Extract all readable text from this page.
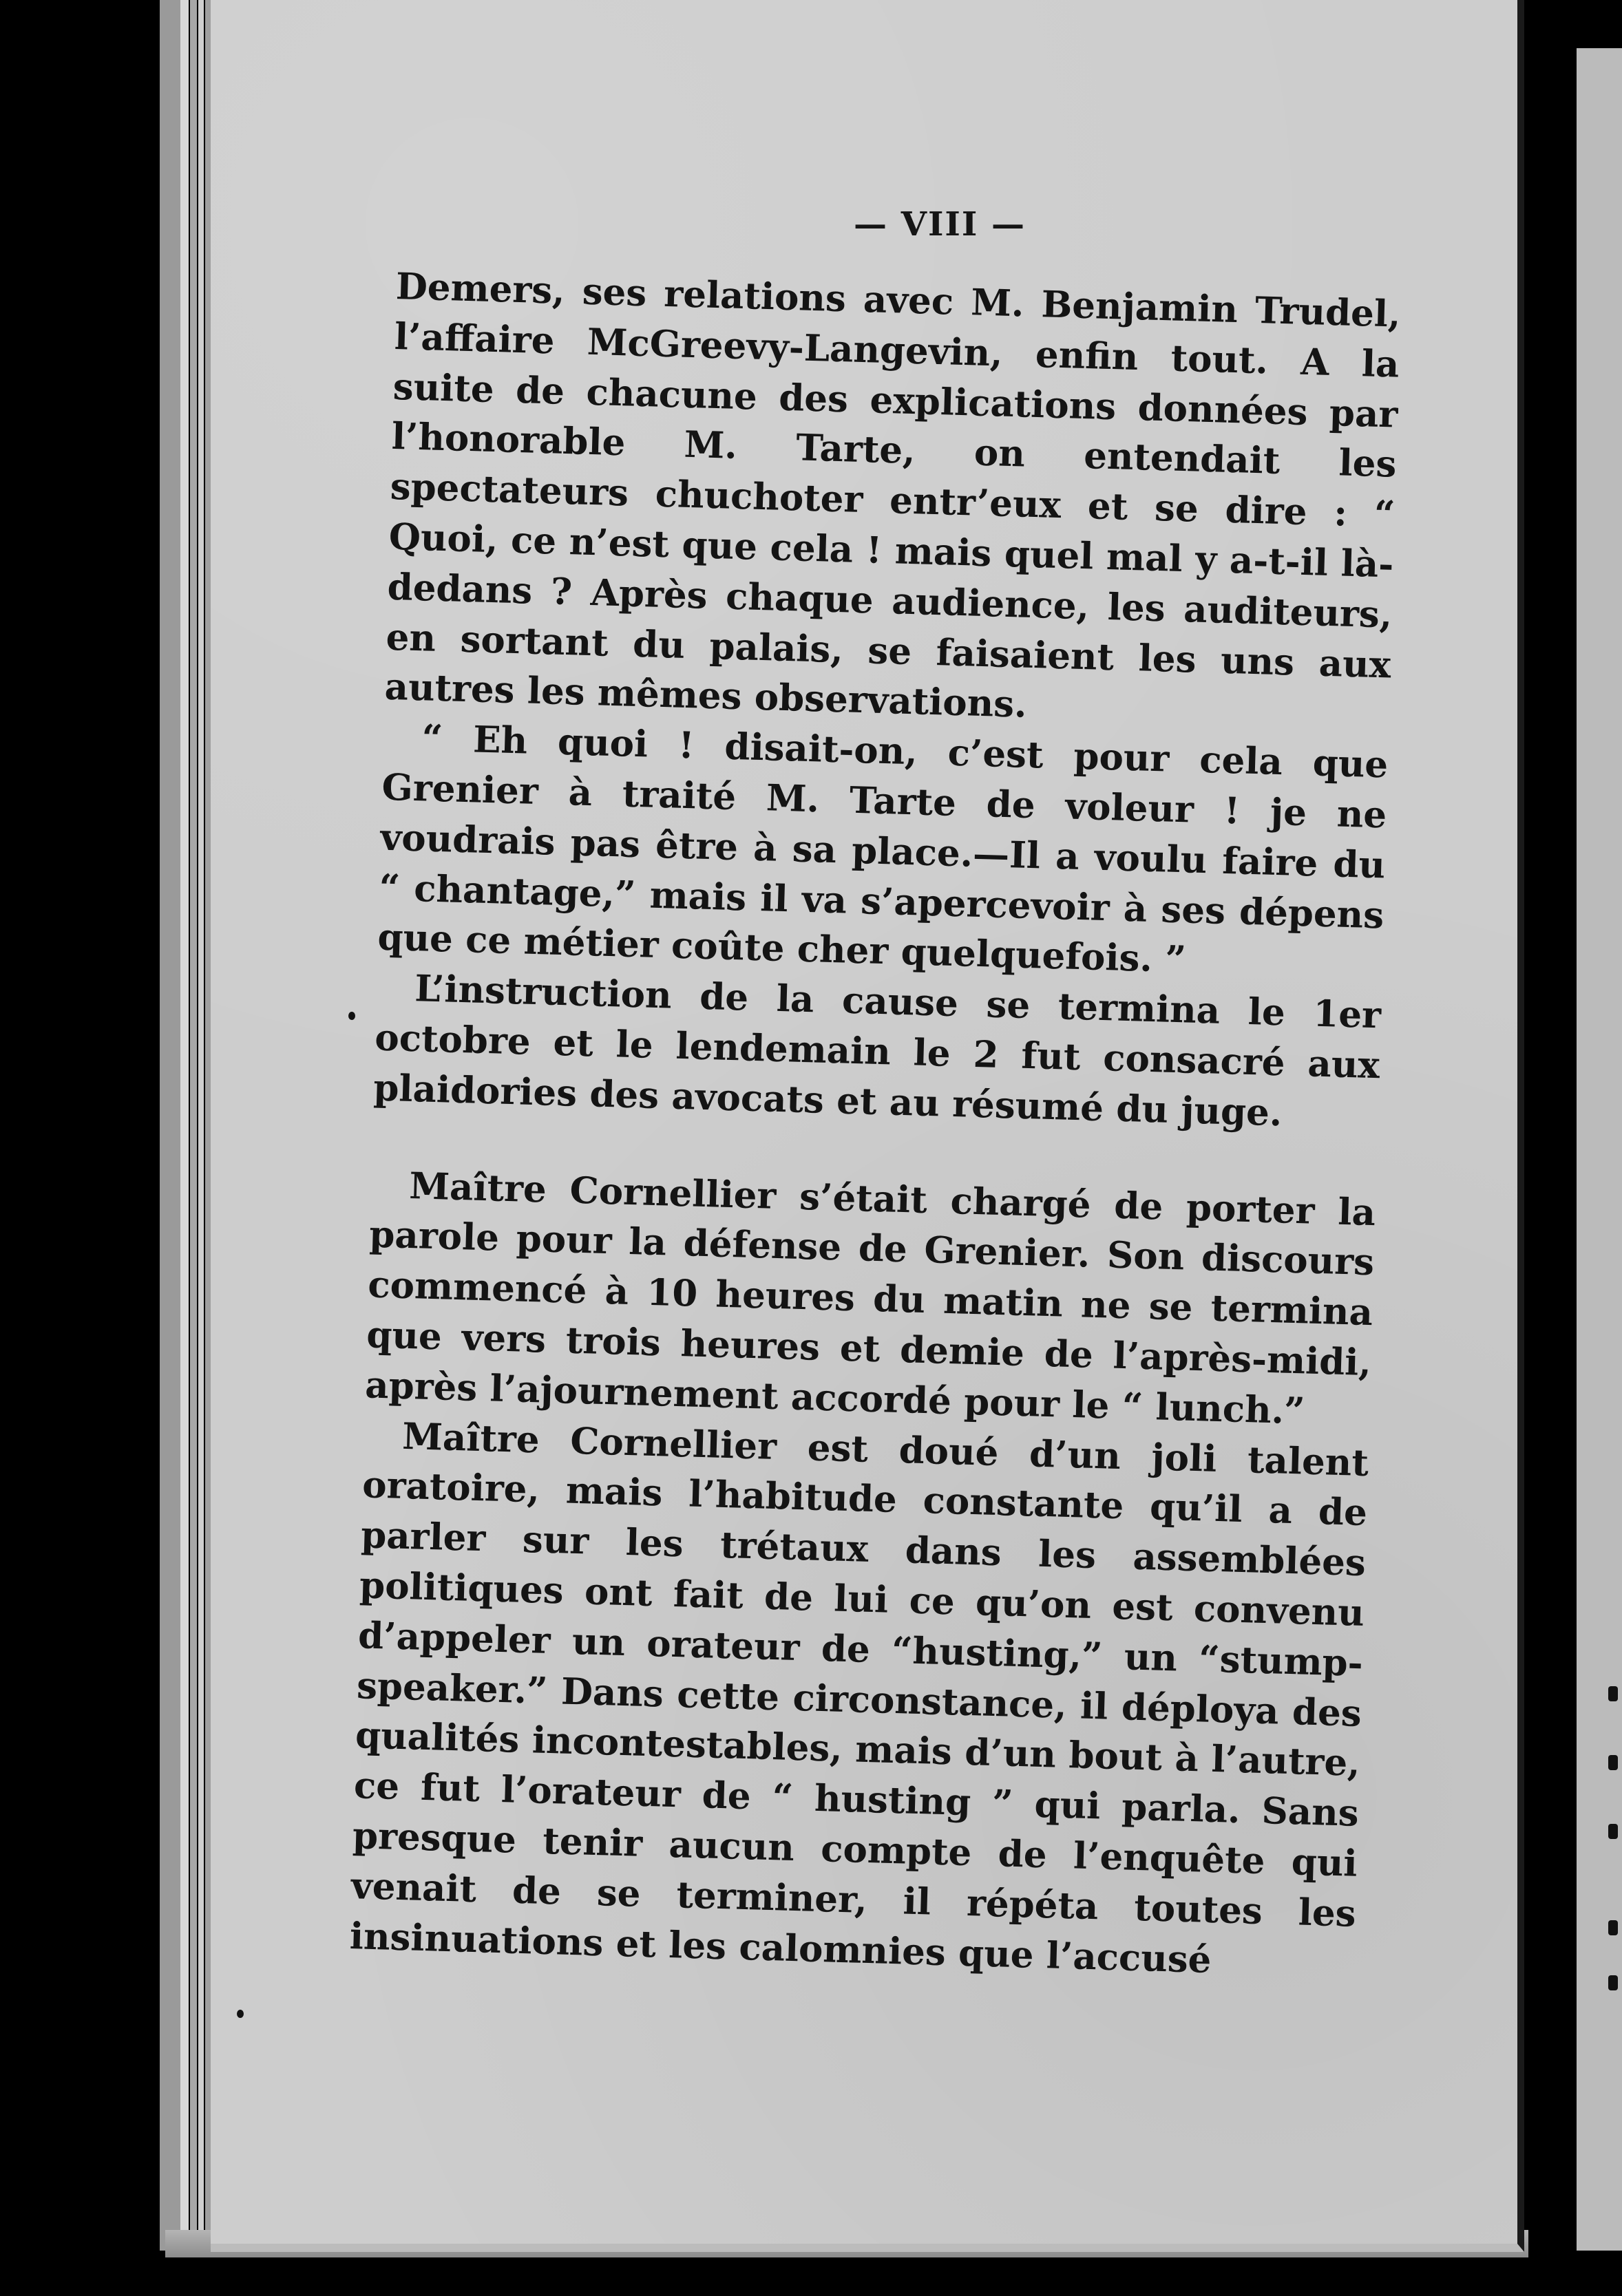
— VIII —

Demers, ses relations avec M. Benjamin Trudel, l’affaire McGreevy-Langevin, enfin tout. A la suite de chacune des explications données par l’honorable M. Tarte, on entendait les spectateurs chuchoter entr’eux et se dire : “ Quoi, ce n’est que cela ! mais quel mal y a-t-il là-dedans ? Après chaque audience, les auditeurs, en sortant du palais, se faisaient les uns aux autres les mêmes observations.

“ Eh quoi ! disait-on, c’est pour cela que Grenier à traité M. Tarte de voleur ! je ne voudrais pas être à sa place.—Il a voulu faire du “ chantage,” mais il va s’apercevoir à ses dépens que ce métier coûte cher quelquefois. ”

L’instruction de la cause se termina le 1er octobre et le lendemain le 2 fut consacré aux plaidories des avocats et au résumé du juge.

Maître Cornellier s’était chargé de porter la parole pour la défense de Grenier. Son discours commencé à 10 heures du matin ne se termina que vers trois heures et demie de l’après-midi, après l’ajournement accordé pour le “ lunch.”

Maître Cornellier est doué d’un joli talent oratoire, mais l’habitude constante qu’il a de parler sur les trétaux dans les assemblées politiques ont fait de lui ce qu’on est convenu d’appeler un orateur de “husting,” un “stump-speaker.” Dans cette circonstance, il déploya des qualités incontestables, mais d’un bout à l’autre, ce fut l’orateur de “ husting ” qui parla. Sans presque tenir aucun compte de l’enquête qui venait de se terminer, il répéta toutes les insinuations et les calomnies que l’accusé
